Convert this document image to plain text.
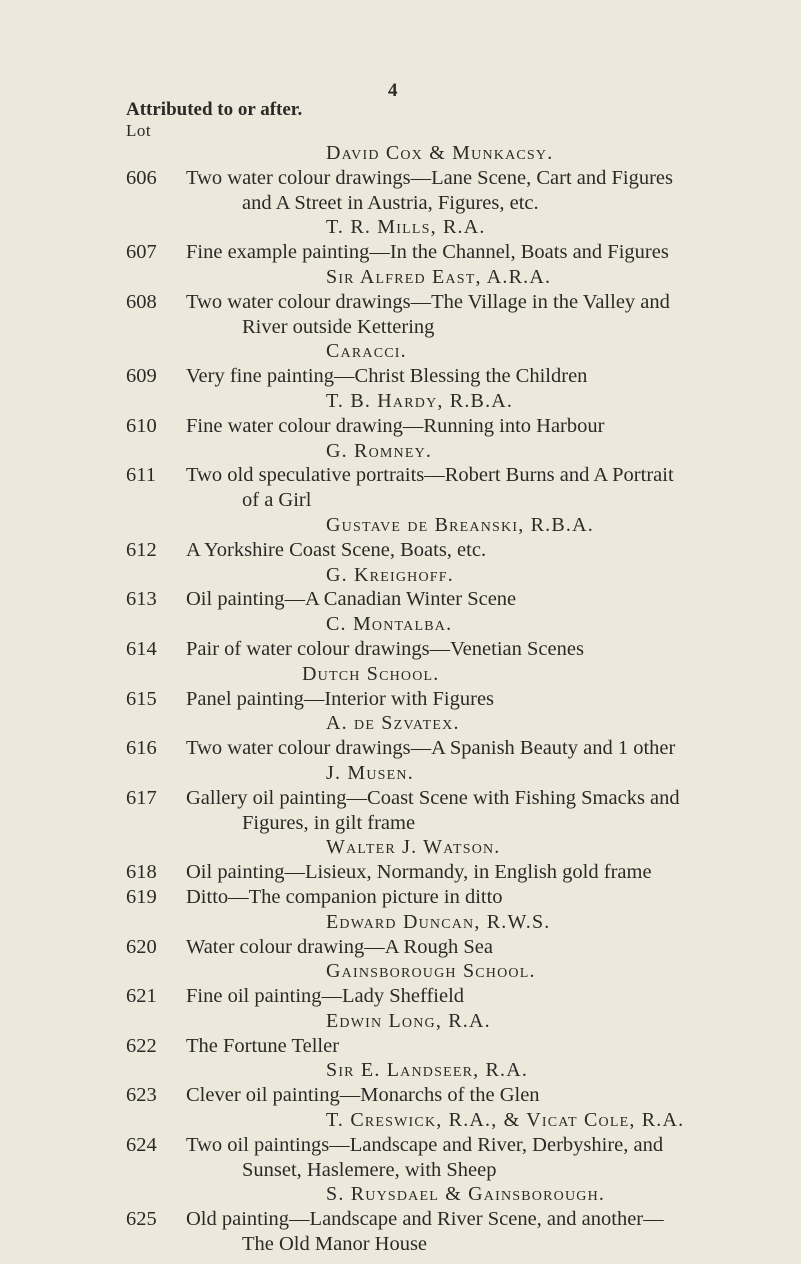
4
Attributed to or after.
Lot
David Cox & Munkacsy.
606	Two water colour drawings—Lane Scene, Cart and Figures
and A Street in Austria, Figures, etc.
T. R. Mills, R.A.
607	Fine example painting—In the Channel, Boats and Figures
Sir Alfred East, A.R.A.
608	Two water colour drawings—The Village in the Valley and
River outside Kettering
Caracci.
609	Very fine painting—Christ Blessing the Children
T. B. Hardy, R.B.A.
610	Fine water colour drawing—Running into Harbour
G. Romney.
611	Two old speculative portraits—Robert Burns and A Portrait
of a Girl
Gustave de Breanski, R.B.A.
612	A Yorkshire Coast Scene, Boats, etc.
G. Kreighoff.
613	Oil painting—A Canadian Winter Scene
C. Montalba.
614	Pair of water colour drawings—Venetian Scenes
Dutch School.
615	Panel painting—Interior with Figures
A. de Szvatex.
616	Two water colour drawings—A Spanish Beauty and 1 other
J. Musen.
617	Gallery oil painting—Coast Scene with Fishing Smacks and
Figures, in gilt frame
Walter J. Watson.
618	Oil painting—Lisieux, Normandy, in English gold frame
619	Ditto—The companion picture in ditto
Edward Duncan, R.W.S.
620	Water colour drawing—A Rough Sea
Gainsborough School.
621	Fine oil painting—Lady Sheffield
Edwin Long, R.A.
622	The Fortune Teller
Sir E. Landseer, R.A.
623	Clever oil painting—Monarchs of the Glen
T. Creswick, R.A., & Vicat Cole, R.A.
624	Two oil paintings—Landscape and River, Derbyshire, and
Sunset, Haslemere, with Sheep
S. Ruysdael & Gainsborough.
625	Old painting—Landscape and River Scene, and another—
The Old Manor House
